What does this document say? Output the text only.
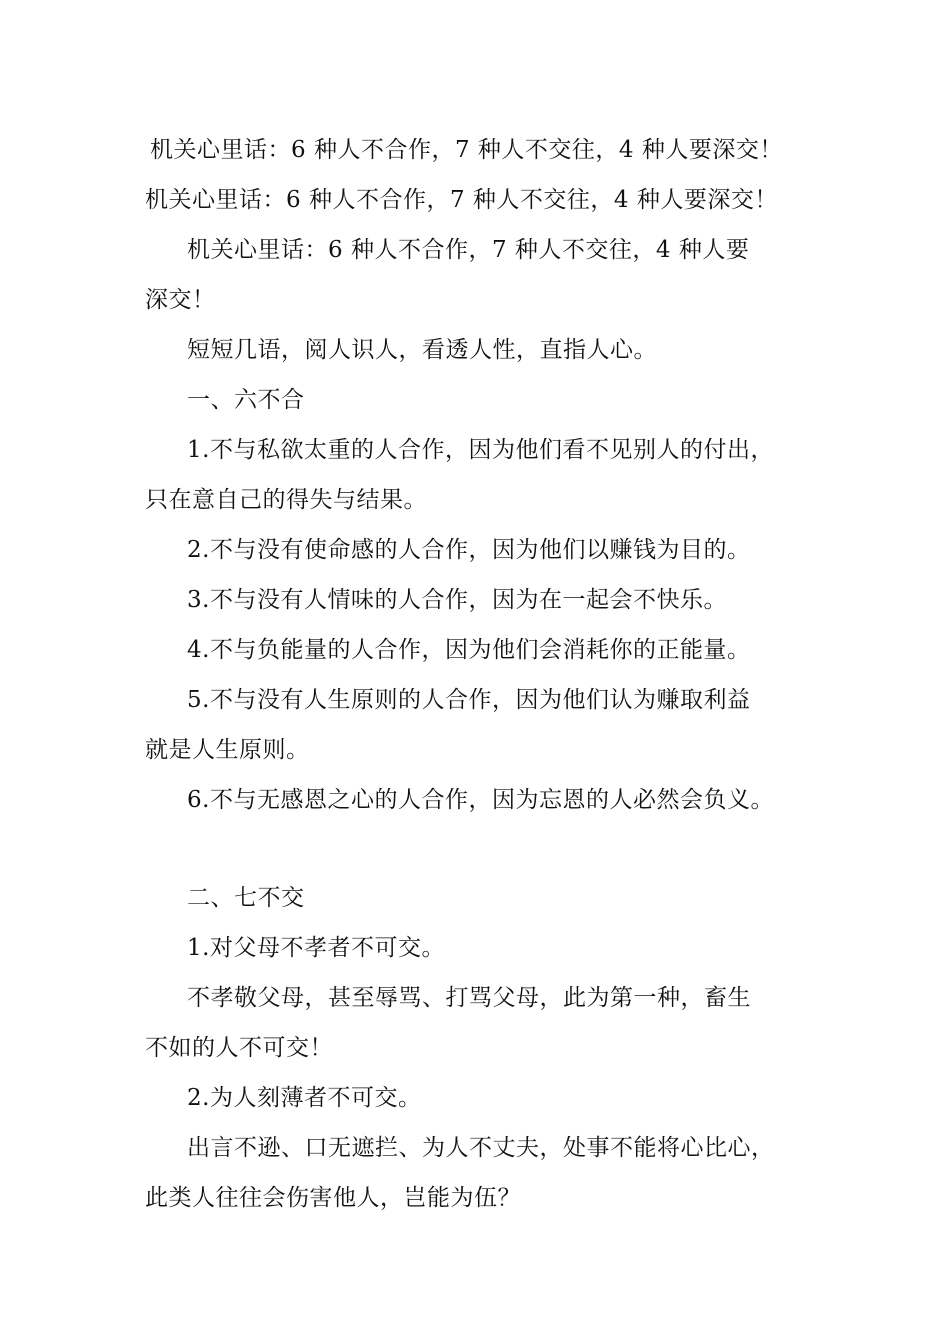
机关心里话：6 种人不合作，7 种人不交往，4 种人要深交！
机关心里话：6 种人不合作，7 种人不交往，4 种人要深交！
机关心里话：6 种人不合作，7 种人不交往，4 种人要
深交！
短短几语，阅人识人，看透人性，直指人心。
一、六不合
1.不与私欲太重的人合作，因为他们看不见别人的付出，
只在意自己的得失与结果。
2.不与没有使命感的人合作，因为他们以赚钱为目的。
3.不与没有人情味的人合作，因为在一起会不快乐。
4.不与负能量的人合作，因为他们会消耗你的正能量。
5.不与没有人生原则的人合作，因为他们认为赚取利益
就是人生原则。
6.不与无感恩之心的人合作，因为忘恩的人必然会负义。
二、七不交
1.对父母不孝者不可交。
不孝敬父母，甚至辱骂、打骂父母，此为第一种，畜生
不如的人不可交！
2.为人刻薄者不可交。
出言不逊、口无遮拦、为人不丈夫，处事不能将心比心，
此类人往往会伤害他人，岂能为伍？
